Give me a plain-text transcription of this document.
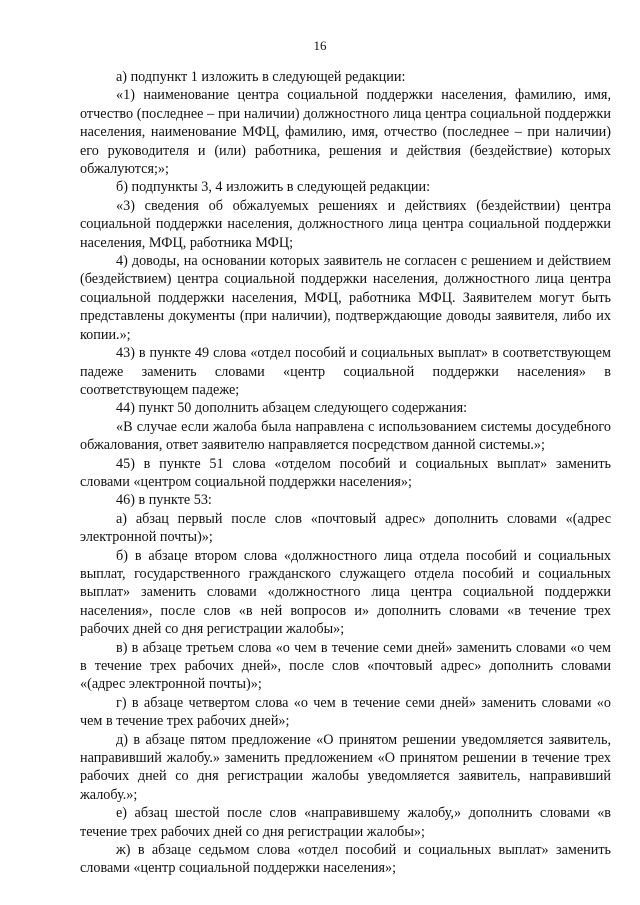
16

а) подпункт 1 изложить в следующей редакции:

«1) наименование центра социальной поддержки населения, фамилию, имя, отчество (последнее – при наличии) должностного лица центра социальной поддержки населения, наименование МФЦ, фамилию, имя, отчество (последнее – при наличии) его руководителя и (или) работника, решения и действия (бездействие) которых обжалуются;»;

б) подпункты 3, 4 изложить в следующей редакции:

«3) сведения об обжалуемых решениях и действиях (бездействии) центра социальной поддержки населения, должностного лица центра социальной поддержки населения, МФЦ, работника МФЦ;

4) доводы, на основании которых заявитель не согласен с решением и действием (бездействием) центра социальной поддержки населения, должностного лица центра социальной поддержки населения, МФЦ, работника МФЦ. Заявителем могут быть представлены документы (при наличии), подтверждающие доводы заявителя, либо их копии.»;

43) в пункте 49 слова «отдел пособий и социальных выплат» в соответствующем падеже заменить словами «центр социальной поддержки населения» в соответствующем падеже;

44) пункт 50 дополнить абзацем следующего содержания:

«В случае если жалоба была направлена с использованием системы досудебного обжалования, ответ заявителю направляется посредством данной системы.»;

45) в пункте 51 слова «отделом пособий и социальных выплат» заменить словами «центром социальной поддержки населения»;

46) в пункте 53:

а) абзац первый после слов «почтовый адрес» дополнить словами «(адрес электронной почты)»;

б) в абзаце втором слова «должностного лица отдела пособий и социальных выплат, государственного гражданского служащего отдела пособий и социальных выплат» заменить словами «должностного лица центра социальной поддержки населения», после слов «в ней вопросов и» дополнить словами «в течение трех рабочих дней со дня регистрации жалобы»;

в) в абзаце третьем слова «о чем в течение семи дней» заменить словами «о чем в течение трех рабочих дней», после слов «почтовый адрес» дополнить словами «(адрес электронной почты)»;

г) в абзаце четвертом слова «о чем в течение семи дней» заменить словами «о чем в течение трех рабочих дней»;

д) в абзаце пятом предложение «О принятом решении уведомляется заявитель, направивший жалобу.» заменить предложением «О принятом решении в течение трех рабочих дней со дня регистрации жалобы уведомляется заявитель, направивший жалобу.»;

е) абзац шестой после слов «направившему жалобу,» дополнить словами «в течение трех рабочих дней со дня регистрации жалобы»;

ж) в абзаце седьмом слова «отдел пособий и социальных выплат» заменить словами «центр социальной поддержки населения»;
